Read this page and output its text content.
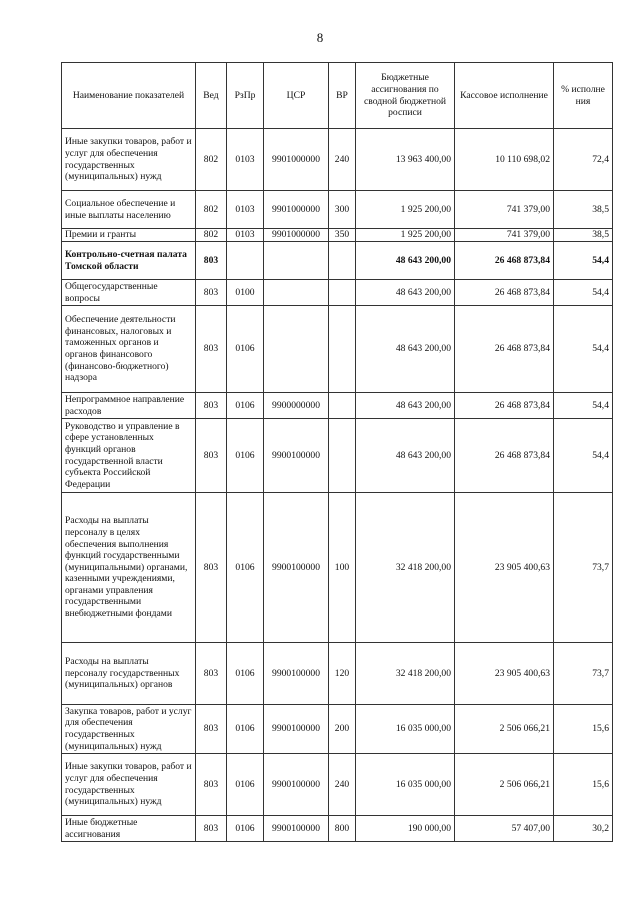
8
Наименование показателей	Вед	РзПр	ЦСР	ВР	Бюджетные ассигнования по сводной бюджетной росписи	Кассовое исполнение	% исполне ния
Иные закупки товаров, работ и услуг для обеспечения государственных (муниципальных) нужд	802	0103	9901000000	240	13 963 400,00	10 110 698,02	72,4
Социальное обеспечение и иные выплаты населению	802	0103	9901000000	300	1 925 200,00	741 379,00	38,5
Премии и гранты	802	0103	9901000000	350	1 925 200,00	741 379,00	38,5
Контрольно-счетная палата Томской области	803				48 643 200,00	26 468 873,84	54,4
Общегосударственные вопросы	803	0100			48 643 200,00	26 468 873,84	54,4
Обеспечение деятельности финансовых, налоговых и таможенных органов и органов финансового (финансово-бюджетного) надзора	803	0106			48 643 200,00	26 468 873,84	54,4
Непрограммное направление расходов	803	0106	9900000000		48 643 200,00	26 468 873,84	54,4
Руководство и управление в сфере установленных функций органов государственной власти субъекта Российской Федерации	803	0106	9900100000		48 643 200,00	26 468 873,84	54,4
Расходы на выплаты персоналу в целях обеспечения выполнения функций государственными (муниципальными) органами, казенными учреждениями, органами управления государственными внебюджетными фондами	803	0106	9900100000	100	32 418 200,00	23 905 400,63	73,7
Расходы на выплаты персоналу государственных (муниципальных) органов	803	0106	9900100000	120	32 418 200,00	23 905 400,63	73,7
Закупка товаров, работ и услуг для обеспечения государственных (муниципальных) нужд	803	0106	9900100000	200	16 035 000,00	2 506 066,21	15,6
Иные закупки товаров, работ и услуг для обеспечения государственных (муниципальных) нужд	803	0106	9900100000	240	16 035 000,00	2 506 066,21	15,6
Иные бюджетные ассигнования	803	0106	9900100000	800	190 000,00	57 407,00	30,2
